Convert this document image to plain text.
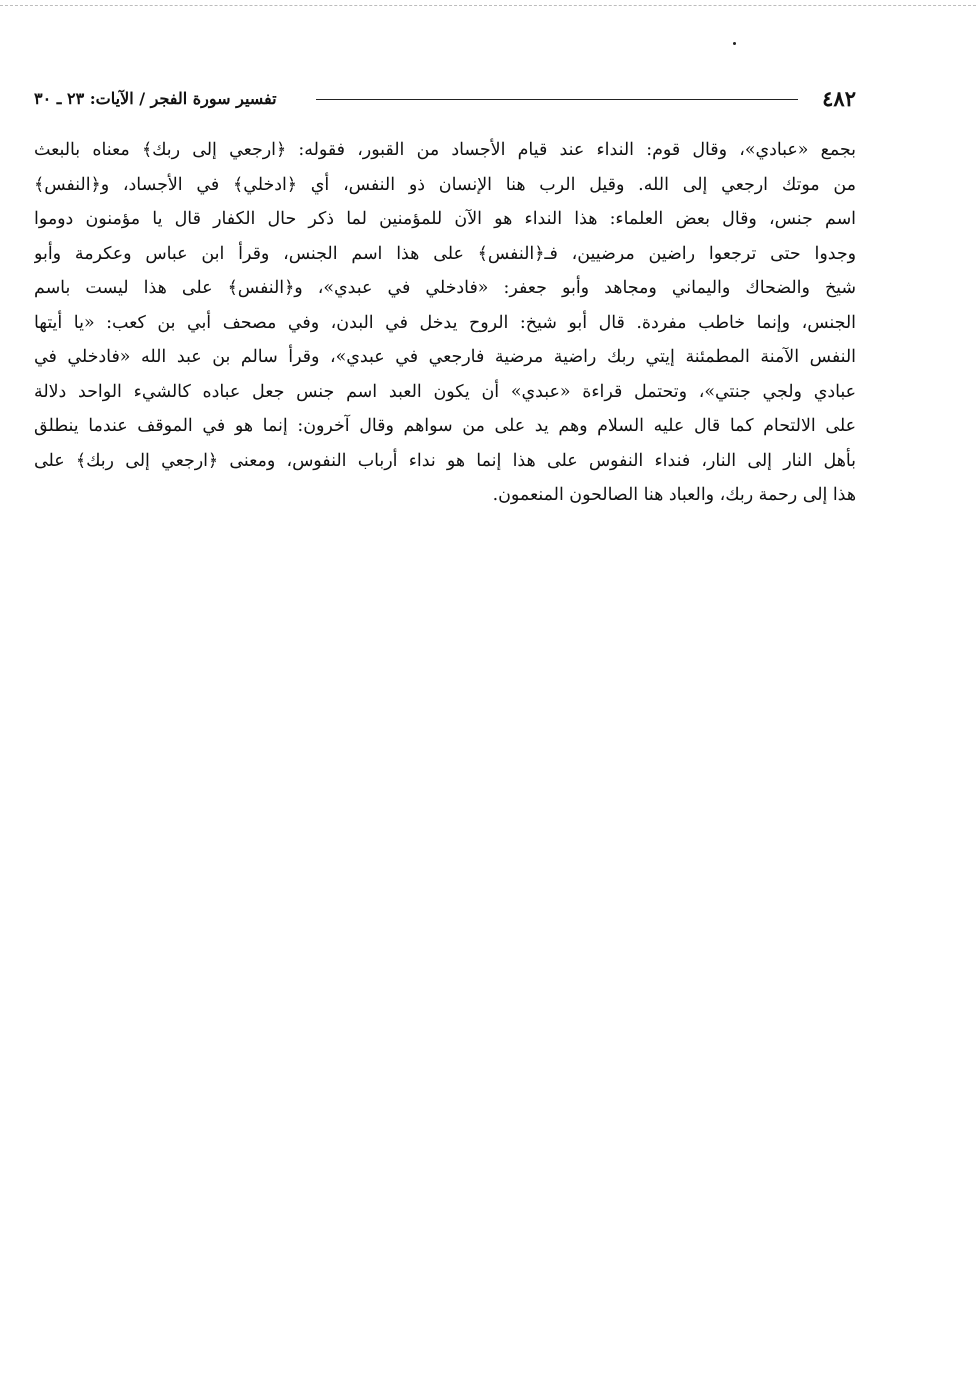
٤٨٢
تفسير سورة الفجر / الآيات: ٢٣ ـ ٣٠
بجمع «عبادي»، وقال قوم: النداء عند قيام الأجساد من القبور، فقوله: ﴿ارجعي إلى ربك﴾ معناه بالبعث
من موتك ارجعي إلى الله. وقيل الرب هنا الإنسان ذو النفس، أي ﴿ادخلي﴾ في الأجساد، و﴿النفس﴾
اسم جنس، وقال بعض العلماء: هذا النداء هو الآن للمؤمنين لما ذكر حال الكفار قال يا مؤمنون دوموا
وجدوا حتى ترجعوا راضين مرضيين، فـ﴿النفس﴾ على هذا اسم الجنس، وقرأ ابن عباس وعكرمة وأبو
شيخ والضحاك واليماني ومجاهد وأبو جعفر: «فادخلي في عبدي»، و﴿النفس﴾ على هذا ليست باسم
الجنس، وإنما خاطب مفردة. قال أبو شيخ: الروح يدخل في البدن، وفي مصحف أبي بن كعب: «يا أيتها
النفس الآمنة المطمئنة إيتي ربك راضية مرضية فارجعي في عبدي»، وقرأ سالم بن عبد الله «فادخلي في
عبادي ولجي جنتي»، وتحتمل قراءة «عبدي» أن يكون العبد اسم جنس جعل عباده كالشيء الواحد دلالة
على الالتحام كما قال عليه السلام وهم يد على من سواهم وقال آخرون: إنما هو في الموقف عندما ينطلق
بأهل النار إلى النار، فنداء النفوس على هذا إنما هو نداء أرباب النفوس، ومعنى ﴿ارجعي إلى ربك﴾ على
هذا إلى رحمة ربك، والعباد هنا الصالحون المنعمون.
